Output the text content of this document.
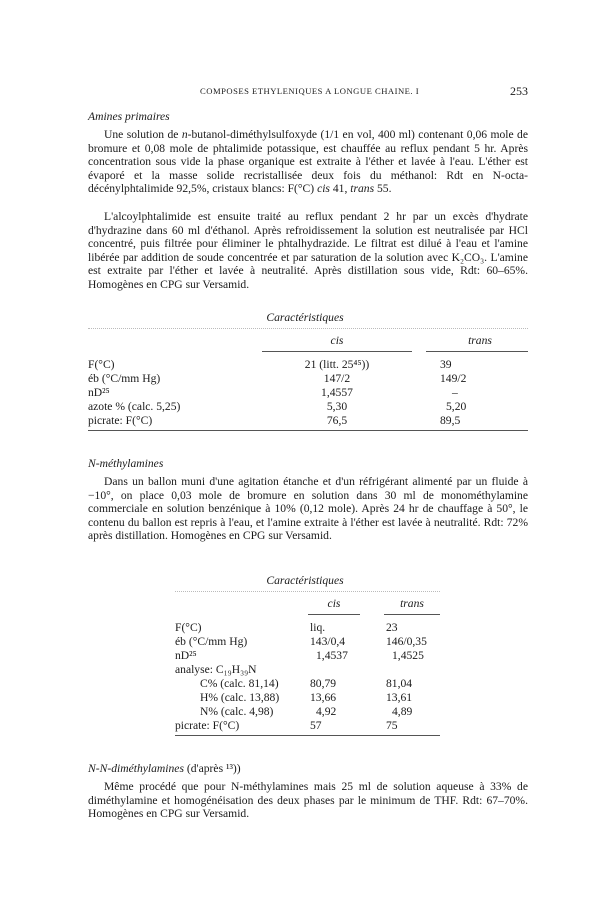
COMPOSES ETHYLENIQUES A LONGUE CHAINE. I	253
Amines primaires

Une solution de n-butanol-diméthylsulfoxyde (1/1 en vol, 400 ml) contenant 0,06 mole de bromure et 0,08 mole de phtalimide potassique, est chauffée au reflux pendant 5 hr. Après concentration sous vide la phase organique est extraite à l'éther et lavée à l'eau. L'éther est évaporé et la masse solide recristallisée deux fois du méthanol: Rdt en N-octa-décénylphtalimide 92,5%, cristaux blancs: F(°C) cis 41, trans 55.

L'alcoylphtalimide est ensuite traité au reflux pendant 2 hr par un excès d'hydrate d'hydrazine dans 60 ml d'éthanol. Après refroidissement la solution est neutralisée par HCl concentré, puis filtrée pour éliminer le phtalhydrazide. Le filtrat est dilué à l'eau et l'amine libérée par addition de soude concentrée et par saturation de la solution avec K₂CO₃. L'amine est extraite par l'éther et lavée à neutralité. Après distillation sous vide, Rdt: 60–65%. Homogènes en CPG sur Versamid.

Caractéristiques
cis	trans
F(°C)	21 (litt. 25⁴⁵))	39
éb (°C/mm Hg)	147/2	149/2
nD²⁵	1,4557	–
azote % (calc. 5,25)	5,30	5,20
picrate: F(°C)	76,5	89,5
N-méthylamines

Dans un ballon muni d'une agitation étanche et d'un réfrigérant alimenté par un fluide à −10°, on place 0,03 mole de bromure en solution dans 30 ml de monométhylamine commerciale en solution benzénique à 10% (0,12 mole). Après 24 hr de chauffage à 50°, le contenu du ballon est repris à l'eau, et l'amine extraite à l'éther est lavée à neutralité. Rdt: 72% après distillation. Homogènes en CPG sur Versamid.

Caractéristiques
cis	trans
F(°C)	liq.	23
éb (°C/mm Hg)	143/0,4	146/0,35
nD²⁵	1,4537	1,4525
analyse: C₁₉H₃₉N
C% (calc. 81,14)	80,79	81,04
H% (calc. 13,88)	13,66	13,61
N% (calc. 4,98)	4,92	4,89
picrate: F(°C)	57	75
N-N-diméthylamines (d'après ¹³))

Même procédé que pour N-méthylamines mais 25 ml de solution aqueuse à 33% de diméthylamine et homogénéisation des deux phases par le minimum de THF. Rdt: 67–70%. Homogènes en CPG sur Versamid.
